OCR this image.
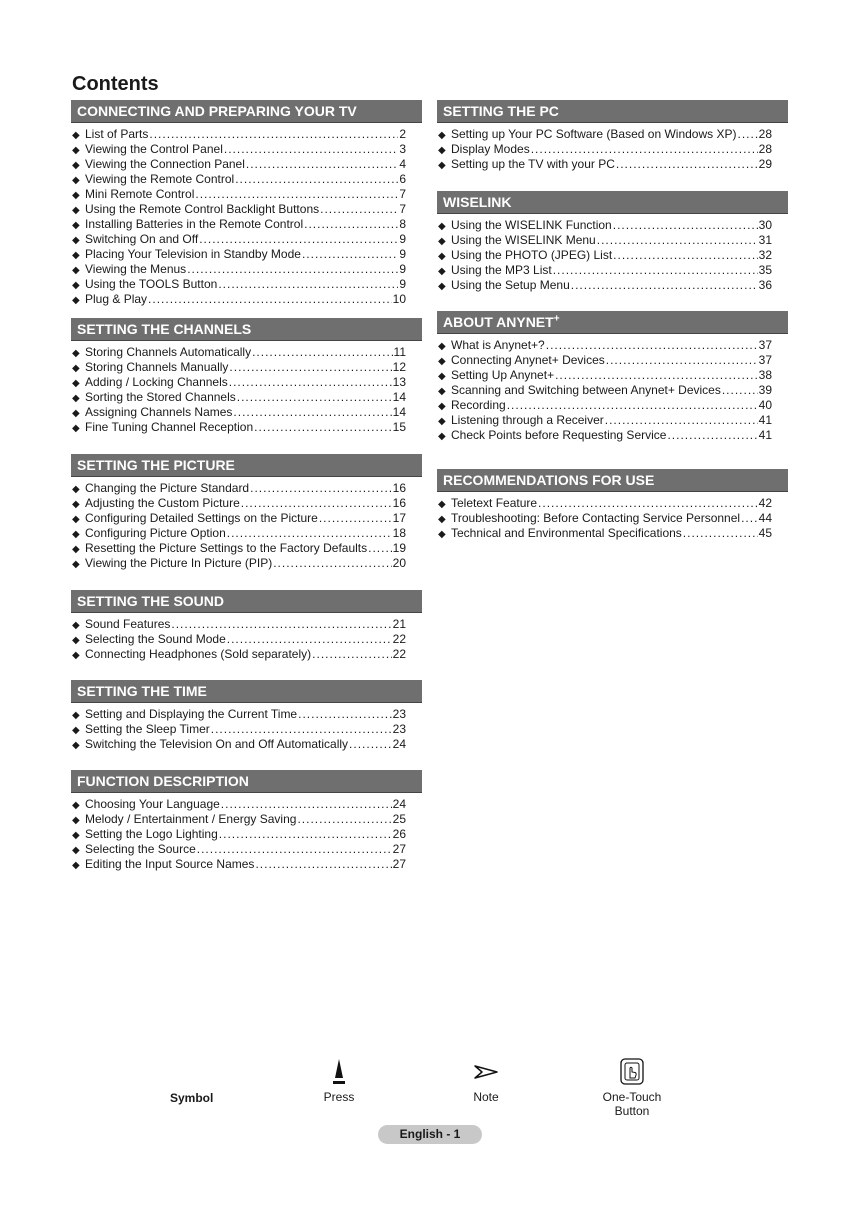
Contents
CONNECTING AND PREPARING YOUR TV
◆ List of Parts .....	2
◆ Viewing the Control Panel .....	3
◆ Viewing the Connection Panel .....	4
◆ Viewing the Remote Control .....	6
◆ Mini Remote Control .....	7
◆ Using the Remote Control Backlight Buttons .....	7
◆ Installing Batteries in the Remote Control .....	8
◆ Switching On and Off .....	9
◆ Placing Your Television in Standby Mode .....	9
◆ Viewing the Menus .....	9
◆ Using the TOOLS Button .....	9
◆ Plug & Play .....	10
SETTING THE CHANNELS
◆ Storing Channels Automatically .....	11
◆ Storing Channels Manually .....	12
◆ Adding / Locking Channels .....	13
◆ Sorting the Stored Channels .....	14
◆ Assigning Channels Names .....	14
◆ Fine Tuning Channel Reception .....	15
SETTING THE PICTURE
◆ Changing the Picture Standard .....	16
◆ Adjusting the Custom Picture .....	16
◆ Configuring Detailed Settings on the Picture .....	17
◆ Configuring Picture Option .....	18
◆ Resetting the Picture Settings to the Factory Defaults ..... 19
◆ Viewing the Picture In Picture (PIP) .....	20
SETTING THE SOUND
◆ Sound Features .....	21
◆ Selecting the Sound Mode .....	22
◆ Connecting Headphones (Sold separately) .....	22
SETTING THE TIME
◆ Setting and Displaying the Current Time .....	23
◆ Setting the Sleep Timer .....	23
◆ Switching the Television On and Off Automatically .....	24
FUNCTION DESCRIPTION
◆ Choosing Your Language .....	24
◆ Melody / Entertainment / Energy Saving .....	25
◆ Setting the Logo Lighting .....	26
◆ Selecting the Source .....	27
◆ Editing the Input Source Names .....	27
SETTING THE PC
◆ Setting up Your PC Software (Based on Windows XP) ..... 28
◆ Display Modes .....	28
◆ Setting up the TV with your PC .....	29
WISELINK
◆ Using the WISELINK Function .....	30
◆ Using the WISELINK Menu .....	31
◆ Using the PHOTO (JPEG) List .....	32
◆ Using the MP3 List .....	35
◆ Using the Setup Menu .....	36
ABOUT ANYNET+
◆ What is Anynet+? .....	37
◆ Connecting Anynet+ Devices .....	37
◆ Setting Up Anynet+ .....	38
◆ Scanning and Switching between Anynet+ Devices .....	39
◆ Recording .....	40
◆ Listening through a Receiver .....	41
◆ Check Points before Requesting Service .....	41
RECOMMENDATIONS FOR USE
◆ Teletext Feature .....	42
◆ Troubleshooting: Before Contacting Service Personnel ..... 44
◆ Technical and Environmental Specifications .....	45
Symbol	Press	Note	One-Touch
Button
English - 1
